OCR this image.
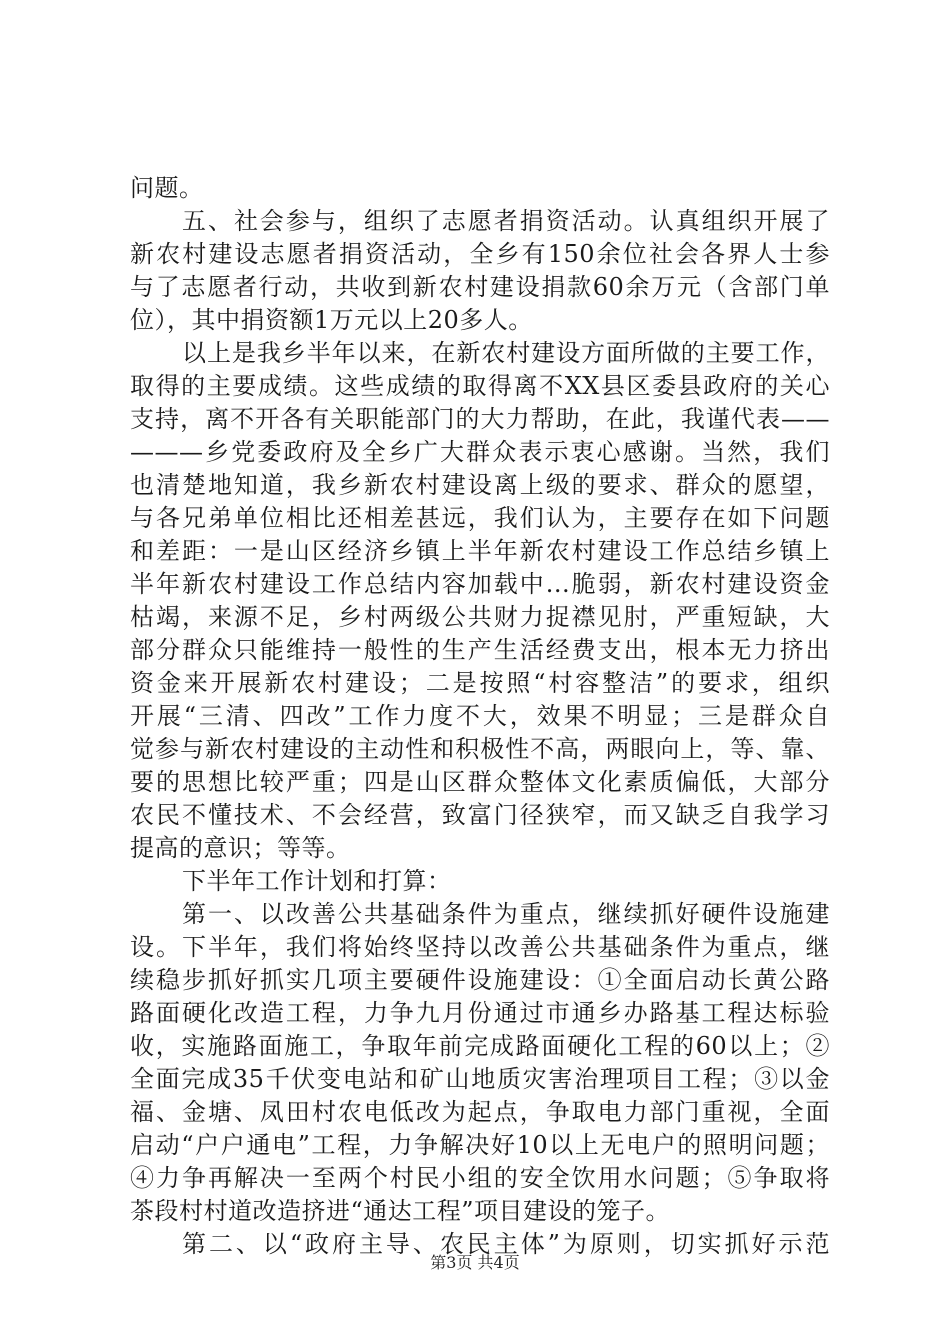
问题。
五、社会参与，组织了志愿者捐资活动。认真组织开展了
新农村建设志愿者捐资活动，全乡有150余位社会各界人士参
与了志愿者行动，共收到新农村建设捐款60余万元（含部门单
位），其中捐资额1万元以上20多人。
以上是我乡半年以来，在新农村建设方面所做的主要工作，
取得的主要成绩。这些成绩的取得离不XX县区委县政府的关心
支持，离不开各有关职能部门的大力帮助，在此，我谨代表——
———乡党委政府及全乡广大群众表示衷心感谢。当然，我们
也清楚地知道，我乡新农村建设离上级的要求、群众的愿望，
与各兄弟单位相比还相差甚远，我们认为，主要存在如下问题
和差距：一是山区经济乡镇上半年新农村建设工作总结乡镇上
半年新农村建设工作总结内容加载中...脆弱，新农村建设资金
枯竭，来源不足，乡村两级公共财力捉襟见肘，严重短缺，大
部分群众只能维持一般性的生产生活经费支出，根本无力挤出
资金来开展新农村建设；二是按照“村容整洁”的要求，组织
开展“三清、四改”工作力度不大，效果不明显；三是群众自
觉参与新农村建设的主动性和积极性不高，两眼向上，等、靠、
要的思想比较严重；四是山区群众整体文化素质偏低，大部分
农民不懂技术、不会经营，致富门径狭窄，而又缺乏自我学习
提高的意识；等等。
下半年工作计划和打算：
第一、以改善公共基础条件为重点，继续抓好硬件设施建
设。下半年，我们将始终坚持以改善公共基础条件为重点，继
续稳步抓好抓实几项主要硬件设施建设：①全面启动长黄公路
路面硬化改造工程，力争九月份通过市通乡办路基工程达标验
收，实施路面施工，争取年前完成路面硬化工程的60以上；②
全面完成35千伏变电站和矿山地质灾害治理项目工程；③以金
福、金塘、凤田村农电低改为起点，争取电力部门重视，全面
启动“户户通电”工程，力争解决好10以上无电户的照明问题；
④力争再解决一至两个村民小组的安全饮用水问题；⑤争取将
茶段村村道改造挤进“通达工程”项目建设的笼子。
第二、以“政府主导、农民主体”为原则，切实抓好示范
第3页 共4页
